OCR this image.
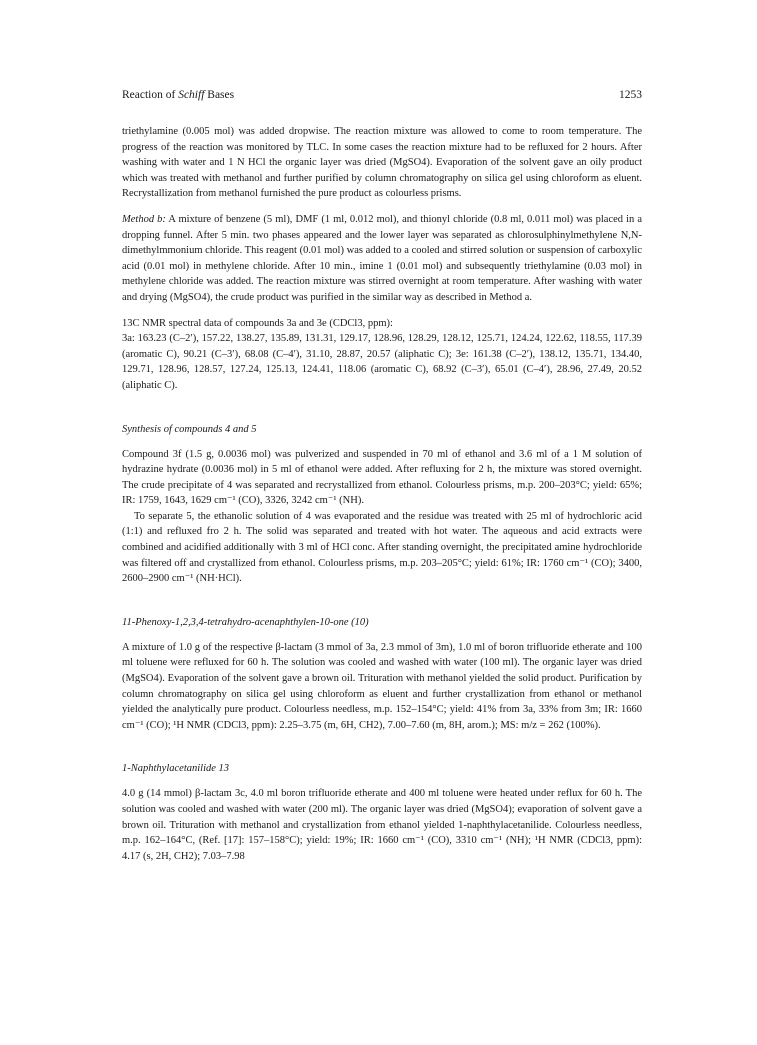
Reaction of Schiff Bases	1253

triethylamine (0.005 mol) was added dropwise. The reaction mixture was allowed to come to room temperature. The progress of the reaction was monitored by TLC. In some cases the reaction mixture had to be refluxed for 2 hours. After washing with water and 1 N HCl the organic layer was dried (MgSO4). Evaporation of the solvent gave an oily product which was treated with methanol and further purified by column chromatography on silica gel using chloroform as eluent. Recrystallization from methanol furnished the pure product as colourless prisms.

Method b: A mixture of benzene (5 ml), DMF (1 ml, 0.012 mol), and thionyl chloride (0.8 ml, 0.011 mol) was placed in a dropping funnel. After 5 min. two phases appeared and the lower layer was separated as chlorosulphinylmethylene N,N-dimethylmmonium chloride. This reagent (0.01 mol) was added to a cooled and stirred solution or suspension of carboxylic acid (0.01 mol) in methylene chloride. After 10 min., imine 1 (0.01 mol) and subsequently triethylamine (0.03 mol) in methylene chloride was added. The reaction mixture was stirred overnight at room temperature. After washing with water and drying (MgSO4), the crude product was purified in the similar way as described in Method a.

13C NMR spectral data of compounds 3a and 3e (CDCl3, ppm):

3a: 163.23 (C–2′), 157.22, 138.27, 135.89, 131.31, 129.17, 128.96, 128.29, 128.12, 125.71, 124.24, 122.62, 118.55, 117.39 (aromatic C), 90.21 (C–3′), 68.08 (C–4′), 31.10, 28.87, 20.57 (aliphatic C); 3e: 161.38 (C–2′), 138.12, 135.71, 134.40, 129.71, 128.96, 128.57, 127.24, 125.13, 124.41, 118.06 (aromatic C), 68.92 (C–3′), 65.01 (C–4′), 28.96, 27.49, 20.52 (aliphatic C).

Synthesis of compounds 4 and 5

Compound 3f (1.5 g, 0.0036 mol) was pulverized and suspended in 70 ml of ethanol and 3.6 ml of a 1 M solution of hydrazine hydrate (0.0036 mol) in 5 ml of ethanol were added. After refluxing for 2 h, the mixture was stored overnight. The crude precipitate of 4 was separated and recrystallized from ethanol. Colourless prisms, m.p. 200–203°C; yield: 65%; IR: 1759, 1643, 1629 cm⁻¹ (CO), 3326, 3242 cm⁻¹ (NH).

To separate 5, the ethanolic solution of 4 was evaporated and the residue was treated with 25 ml of hydrochloric acid (1:1) and refluxed fro 2 h. The solid was separated and treated with hot water. The aqueous and acid extracts were combined and acidified additionally with 3 ml of HCl conc. After standing overnight, the precipitated amine hydrochloride was filtered off and crystallized from ethanol. Colourless prisms, m.p. 203–205°C; yield: 61%; IR: 1760 cm⁻¹ (CO); 3400, 2600–2900 cm⁻¹ (NH·HCl).

11-Phenoxy-1,2,3,4-tetrahydro-acenaphthylen-10-one (10)

A mixture of 1.0 g of the respective β-lactam (3 mmol of 3a, 2.3 mmol of 3m), 1.0 ml of boron trifluoride etherate and 100 ml toluene were refluxed for 60 h. The solution was cooled and washed with water (100 ml). The organic layer was dried (MgSO4). Evaporation of the solvent gave a brown oil. Trituration with methanol yielded the solid product. Purification by column chromatography on silica gel using chloroform as eluent and further crystallization from ethanol or methanol yielded the analytically pure product. Colourless needless, m.p. 152–154°C; yield: 41% from 3a, 33% from 3m; IR: 1660 cm⁻¹ (CO); ¹H NMR (CDCl3, ppm): 2.25–3.75 (m, 6H, CH2), 7.00–7.60 (m, 8H, arom.); MS: m/z = 262 (100%).

1-Naphthylacetanilide 13

4.0 g (14 mmol) β-lactam 3c, 4.0 ml boron trifluoride etherate and 400 ml toluene were heated under reflux for 60 h. The solution was cooled and washed with water (200 ml). The organic layer was dried (MgSO4); evaporation of solvent gave a brown oil. Trituration with methanol and crystallization from ethanol yielded 1-naphthylacetanilide. Colourless needless, m.p. 162–164°C, (Ref. [17]: 157–158°C); yield: 19%; IR: 1660 cm⁻¹ (CO), 3310 cm⁻¹ (NH); ¹H NMR (CDCl3, ppm): 4.17 (s, 2H, CH2); 7.03–7.98
